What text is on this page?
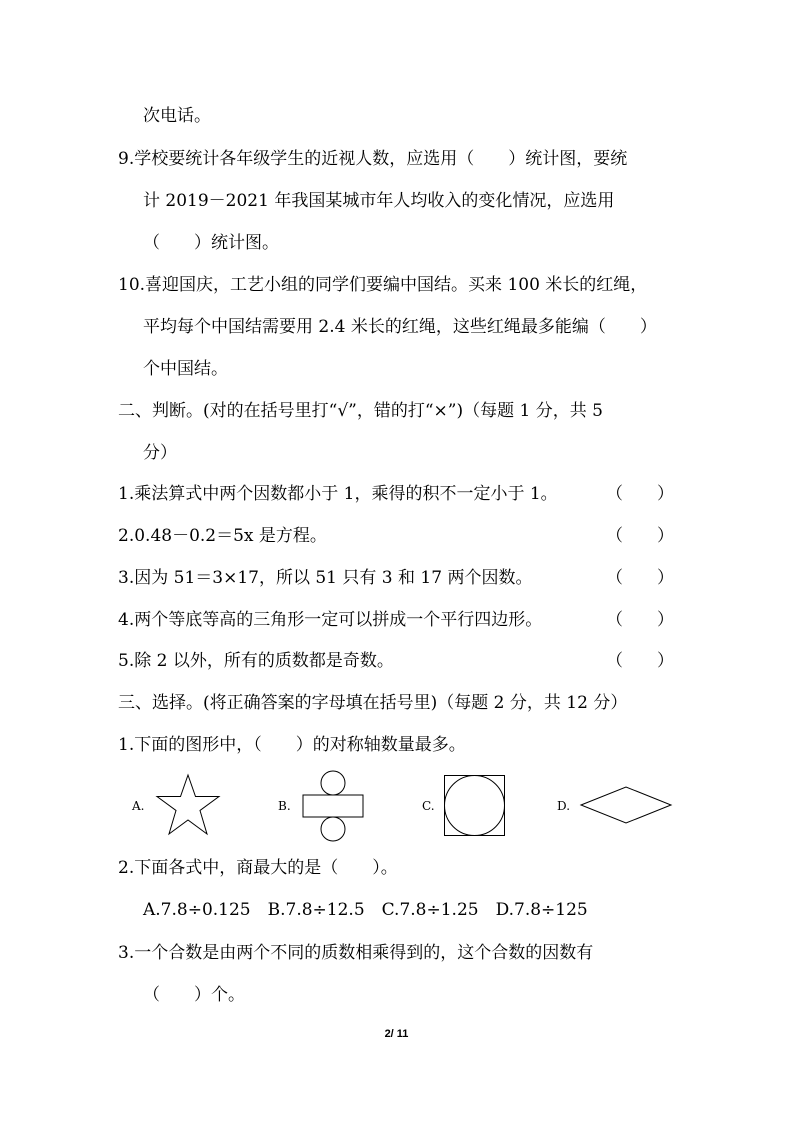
次电话。
9.学校要统计各年级学生的近视人数，应选用（　　）统计图，要统
计 2019－2021 年我国某城市年人均收入的变化情况，应选用
（　　）统计图。
10.喜迎国庆，工艺小组的同学们要编中国结。买来 100 米长的红绳，
平均每个中国结需要用 2.4 米长的红绳，这些红绳最多能编（　　）
个中国结。
二、判断。(对的在括号里打“√”，错的打“×”)（每题 1 分，共 5
分）
1.乘法算式中两个因数都小于 1，乘得的积不一定小于 1。	（　　）
2.0.48－0.2＝5x 是方程。	（　　）
3.因为 51＝3×17，所以 51 只有 3 和 17 两个因数。	（　　）
4.两个等底等高的三角形一定可以拼成一个平行四边形。	（　　）
5.除 2 以外，所有的质数都是奇数。	（　　）
三、选择。(将正确答案的字母填在括号里)（每题 2 分，共 12 分）
1.下面的图形中，（　　）的对称轴数量最多。
A.	B.	C.	D.
2.下面各式中，商最大的是（　　）。
A.7.8÷0.125　B.7.8÷12.5　C.7.8÷1.25　D.7.8÷125
3.一个合数是由两个不同的质数相乘得到的，这个合数的因数有
（　　）个。
2/ 11
